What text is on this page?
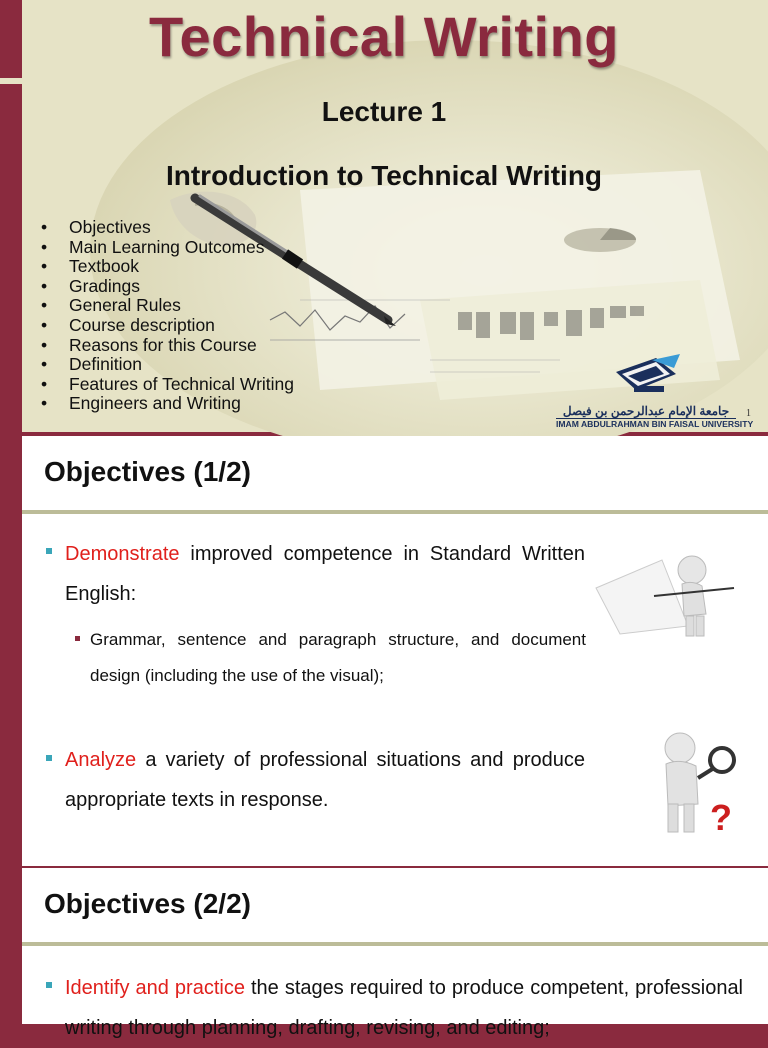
Technical Writing
Lecture 1
Introduction to Technical Writing
• Objectives
• Main Learning Outcomes
• Textbook
• Gradings
• General Rules
• Course description
• Reasons for this Course
• Definition
• Features of Technical Writing
• Engineers and Writing	جامعة الإمام عبدالرحمن بن فيصل
IMAM ABDULRAHMAN BIN FAISAL UNIVERSITY
1
Objectives (1/2)
Demonstrate improved competence in Standard Written English:
Grammar, sentence and paragraph structure, and document design (including the use of the visual);
Analyze a variety of professional situations and produce appropriate texts in response.	?
Objectives (2/2)
Identify and practice the stages required to produce competent, professional writing through planning, drafting, revising, and editing;
